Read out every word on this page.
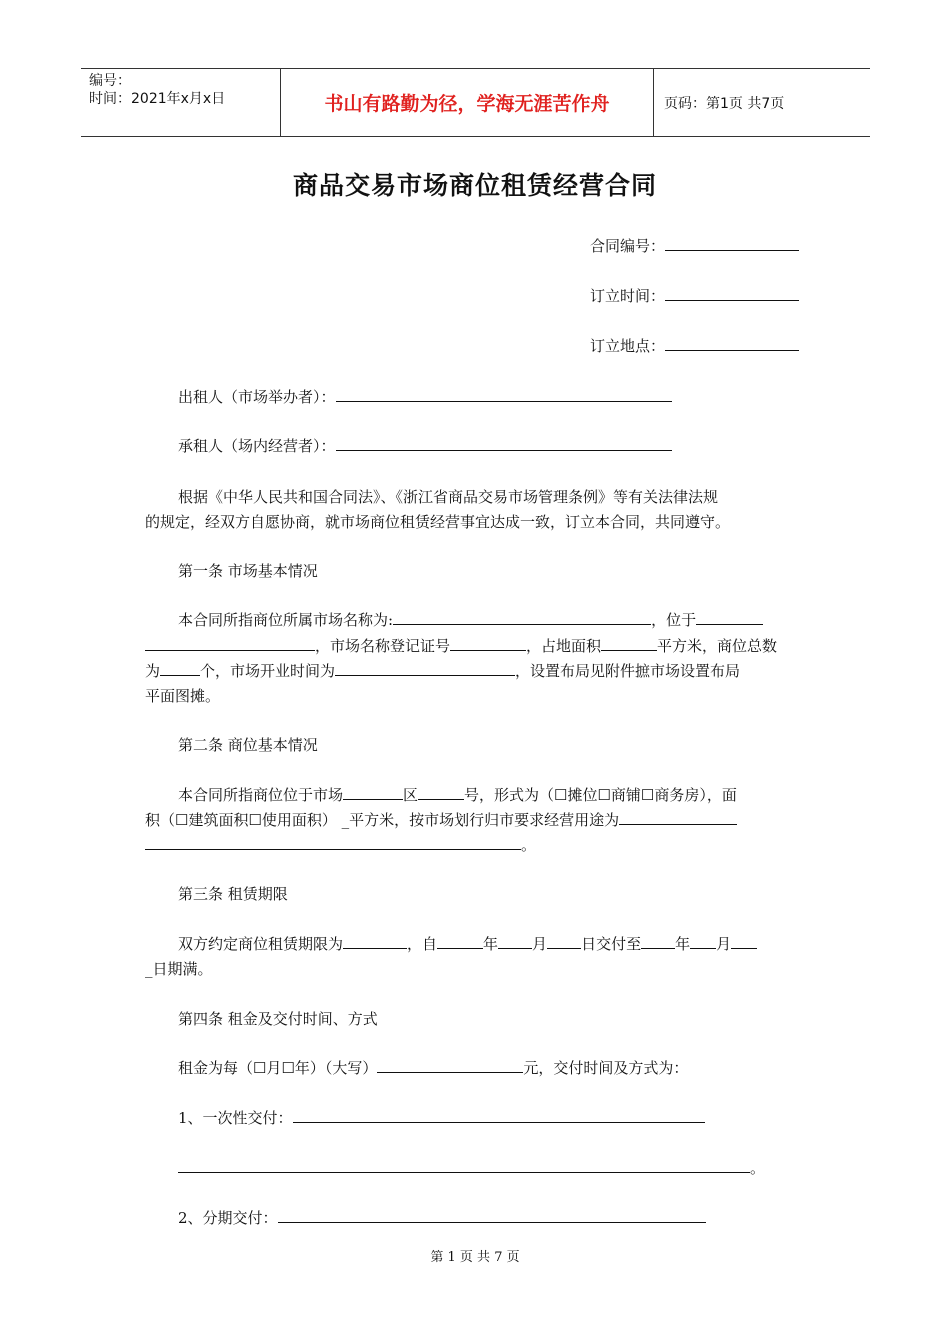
编号：
时间：2021年x月x日	书山有路勤为径，学海无涯苦作舟	页码：第1页 共7页
商品交易市场商位租赁经营合同
合同编号：
订立时间：
订立地点：
出租人（市场举办者）：
承租人（场内经营者）：
根据《中华人民共和国合同法》、《浙江省商品交易市场管理条例》等有关法律法规
的规定，经双方自愿协商，就市场商位租赁经营事宜达成一致，订立本合同，共同遵守。
第一条 市场基本情况
本合同所指商位所属市场名称为:	，位于
，市场名称登记证号	，占地面积	平方米，商位总数
为	个，市场开业时间为	，设置布局见附件摭市场设置布局
平面图摊。
第二条 商位基本情况
本合同所指商位位于市场	区	号，形式为（☐摊位☐商铺☐商务房），面
积（☐建筑面积☐使用面积） _平方米，按市场划行归市要求经营用途为
。
第三条 租赁期限
双方约定商位租赁期限为	，自	年 月 日交付至 年 月
_日期满。
第四条 租金及交付时间、方式
租金为每（☐月☐年）（大写）	元，交付时间及方式为：
1、一次性交付：
。
2、分期交付：
第 1 页 共 7 页
